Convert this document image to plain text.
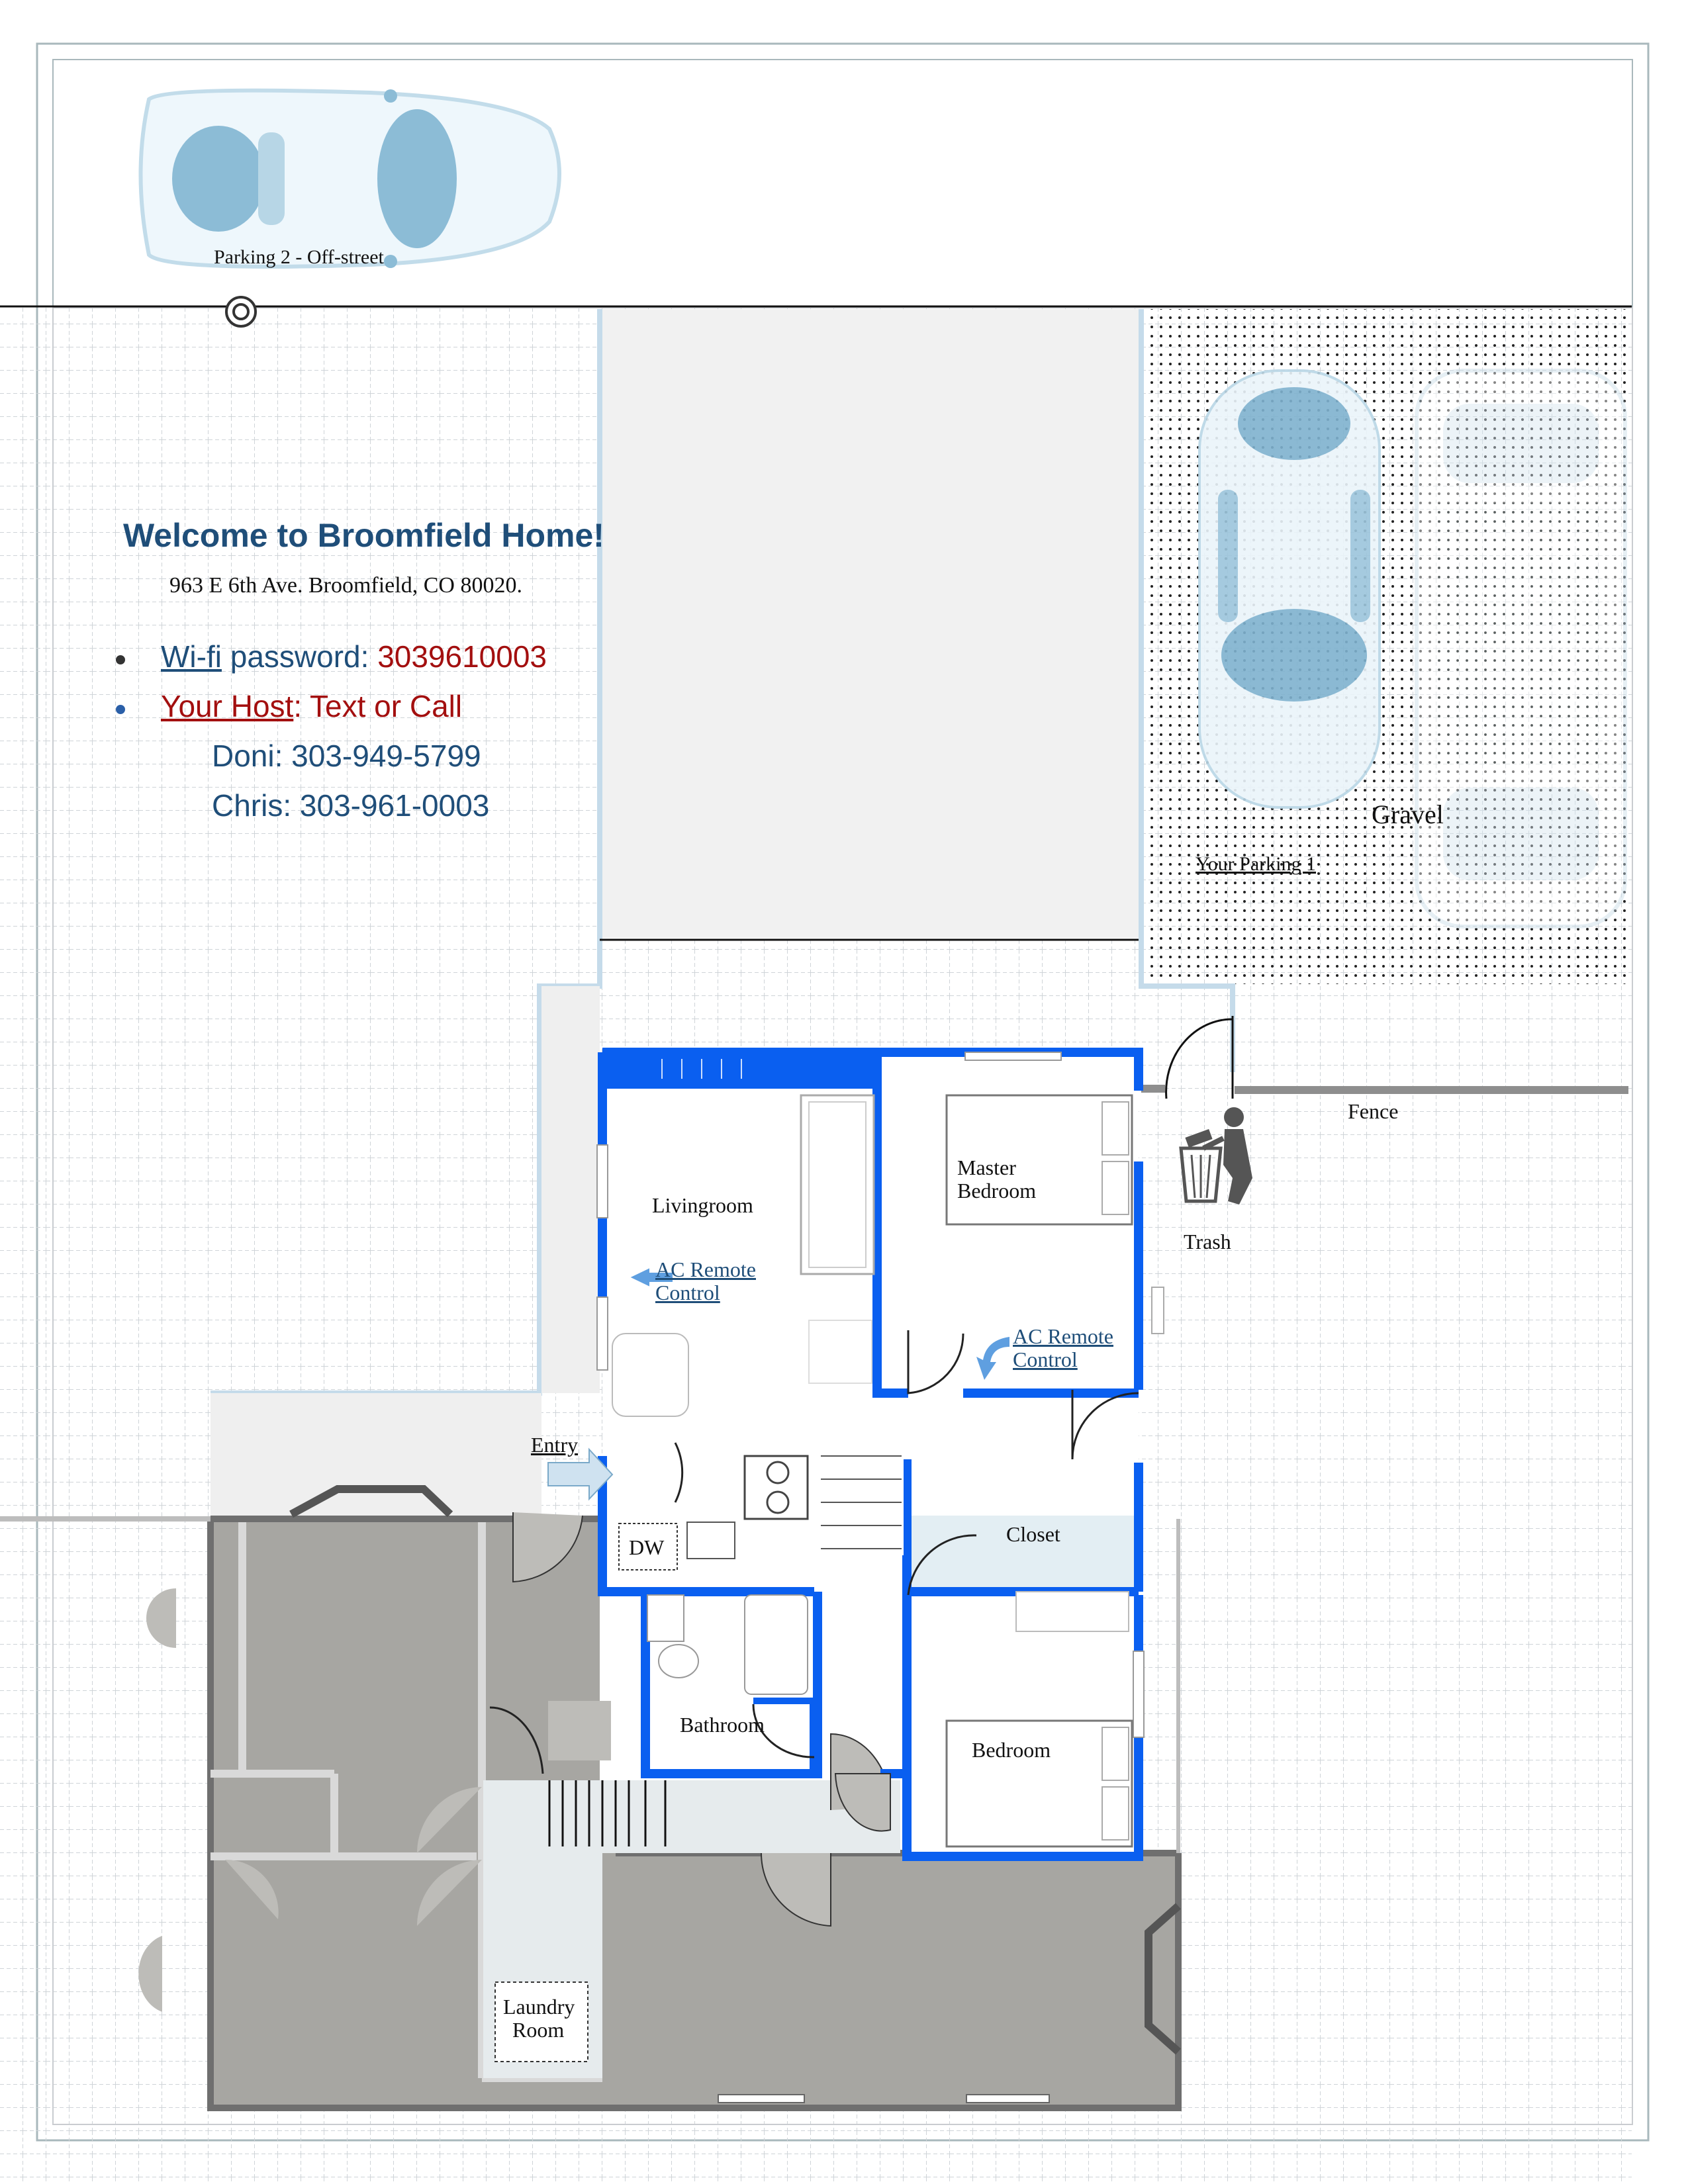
Welcome to Broomfield Home!
963 E 6th Ave. Broomfield, CO 80020.
Wi-fi password: 3039610003
Your Host: Text or Call
Doni: 303-949-5799
Chris: 303-961-0003
Parking 2 - Off-street
Your Parking 1
Gravel
Fence
Trash
Livingroom
Master
Bedroom
AC Remote
Control
AC Remote
Control
Entry
DW
Closet
Bathroom
Bedroom
Laundry
Room
